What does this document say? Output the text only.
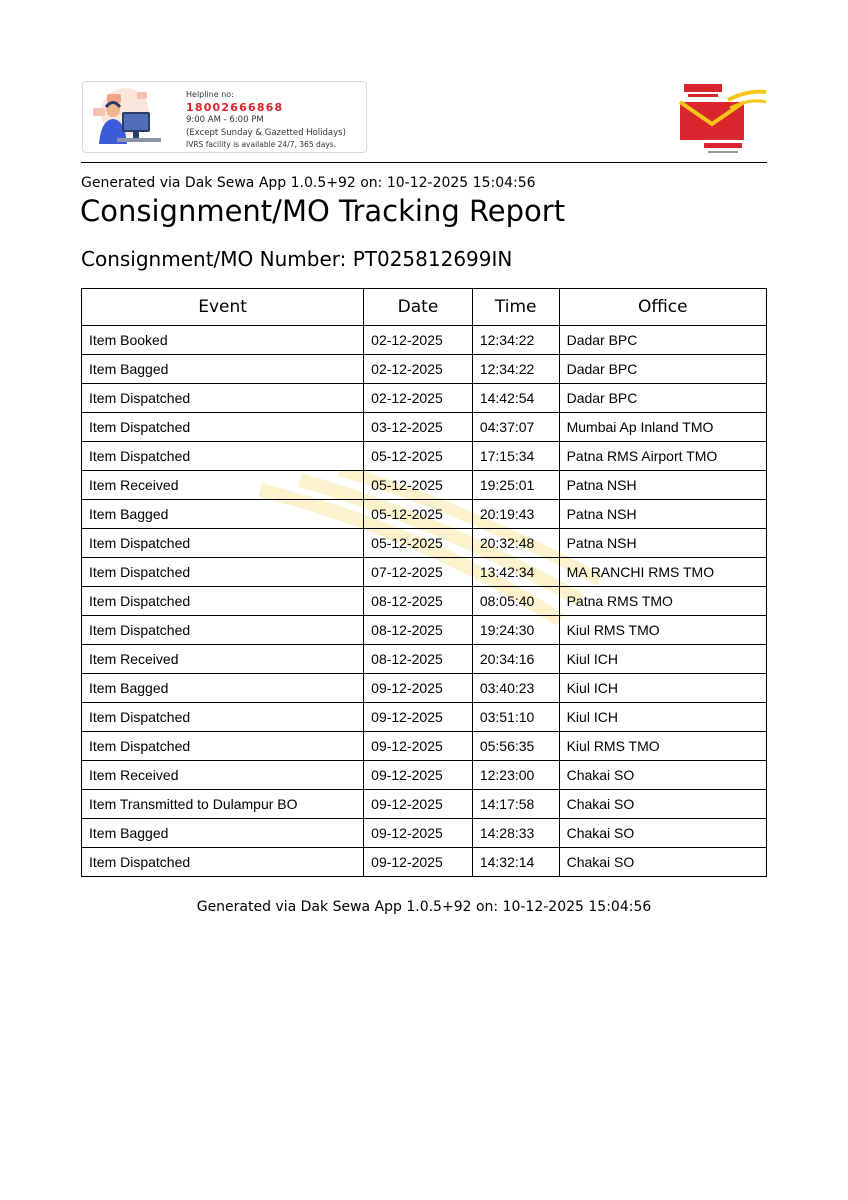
Helpline no:
18002666868
9:00 AM - 6:00 PM
(Except Sunday & Gazetted Holidays)
IVRS facility is available 24/7, 365 days.
Generated via Dak Sewa App 1.0.5+92 on: 10-12-2025 15:04:56
Consignment/MO Tracking Report
Consignment/MO Number: PT025812699IN
Event	Date	Time	Office
Item Booked	02-12-2025	12:34:22	Dadar BPC
Item Bagged	02-12-2025	12:34:22	Dadar BPC
Item Dispatched	02-12-2025	14:42:54	Dadar BPC
Item Dispatched	03-12-2025	04:37:07	Mumbai Ap Inland TMO
Item Dispatched	05-12-2025	17:15:34	Patna RMS Airport TMO
Item Received	05-12-2025	19:25:01	Patna NSH
Item Bagged	05-12-2025	20:19:43	Patna NSH
Item Dispatched	05-12-2025	20:32:48	Patna NSH
Item Dispatched	07-12-2025	13:42:34	MA RANCHI RMS TMO
Item Dispatched	08-12-2025	08:05:40	Patna RMS TMO
Item Dispatched	08-12-2025	19:24:30	Kiul RMS TMO
Item Received	08-12-2025	20:34:16	Kiul ICH
Item Bagged	09-12-2025	03:40:23	Kiul ICH
Item Dispatched	09-12-2025	03:51:10	Kiul ICH
Item Dispatched	09-12-2025	05:56:35	Kiul RMS TMO
Item Received	09-12-2025	12:23:00	Chakai SO
Item Transmitted to Dulampur BO	09-12-2025	14:17:58	Chakai SO
Item Bagged	09-12-2025	14:28:33	Chakai SO
Item Dispatched	09-12-2025	14:32:14	Chakai SO
Generated via Dak Sewa App 1.0.5+92 on: 10-12-2025 15:04:56
